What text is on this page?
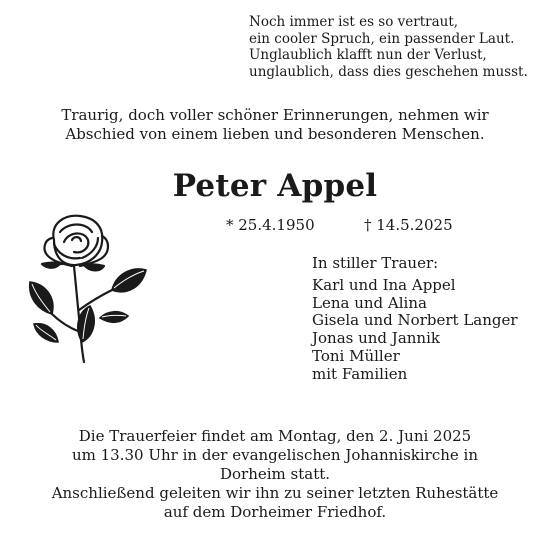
Noch immer ist es so vertraut,
ein cooler Spruch, ein passender Laut.
Unglaublich klafft nun der Verlust,
unglaublich, dass dies geschehen musst.
Traurig, doch voller schöner Erinnerungen, nehmen wir
Abschied von einem lieben und besonderen Menschen.
Peter Appel
* 25.4.1950	† 14.5.2025
In stiller Trauer:
Karl und Ina Appel
Lena und Alina
Gisela und Norbert Langer
Jonas und Jannik
Toni Müller
mit Familien
Die Trauerfeier findet am Montag, den 2. Juni 2025
um 13.30 Uhr in der evangelischen Johanniskirche in
Dorheim statt.
Anschließend geleiten wir ihn zu seiner letzten Ruhestätte
auf dem Dorheimer Friedhof.
